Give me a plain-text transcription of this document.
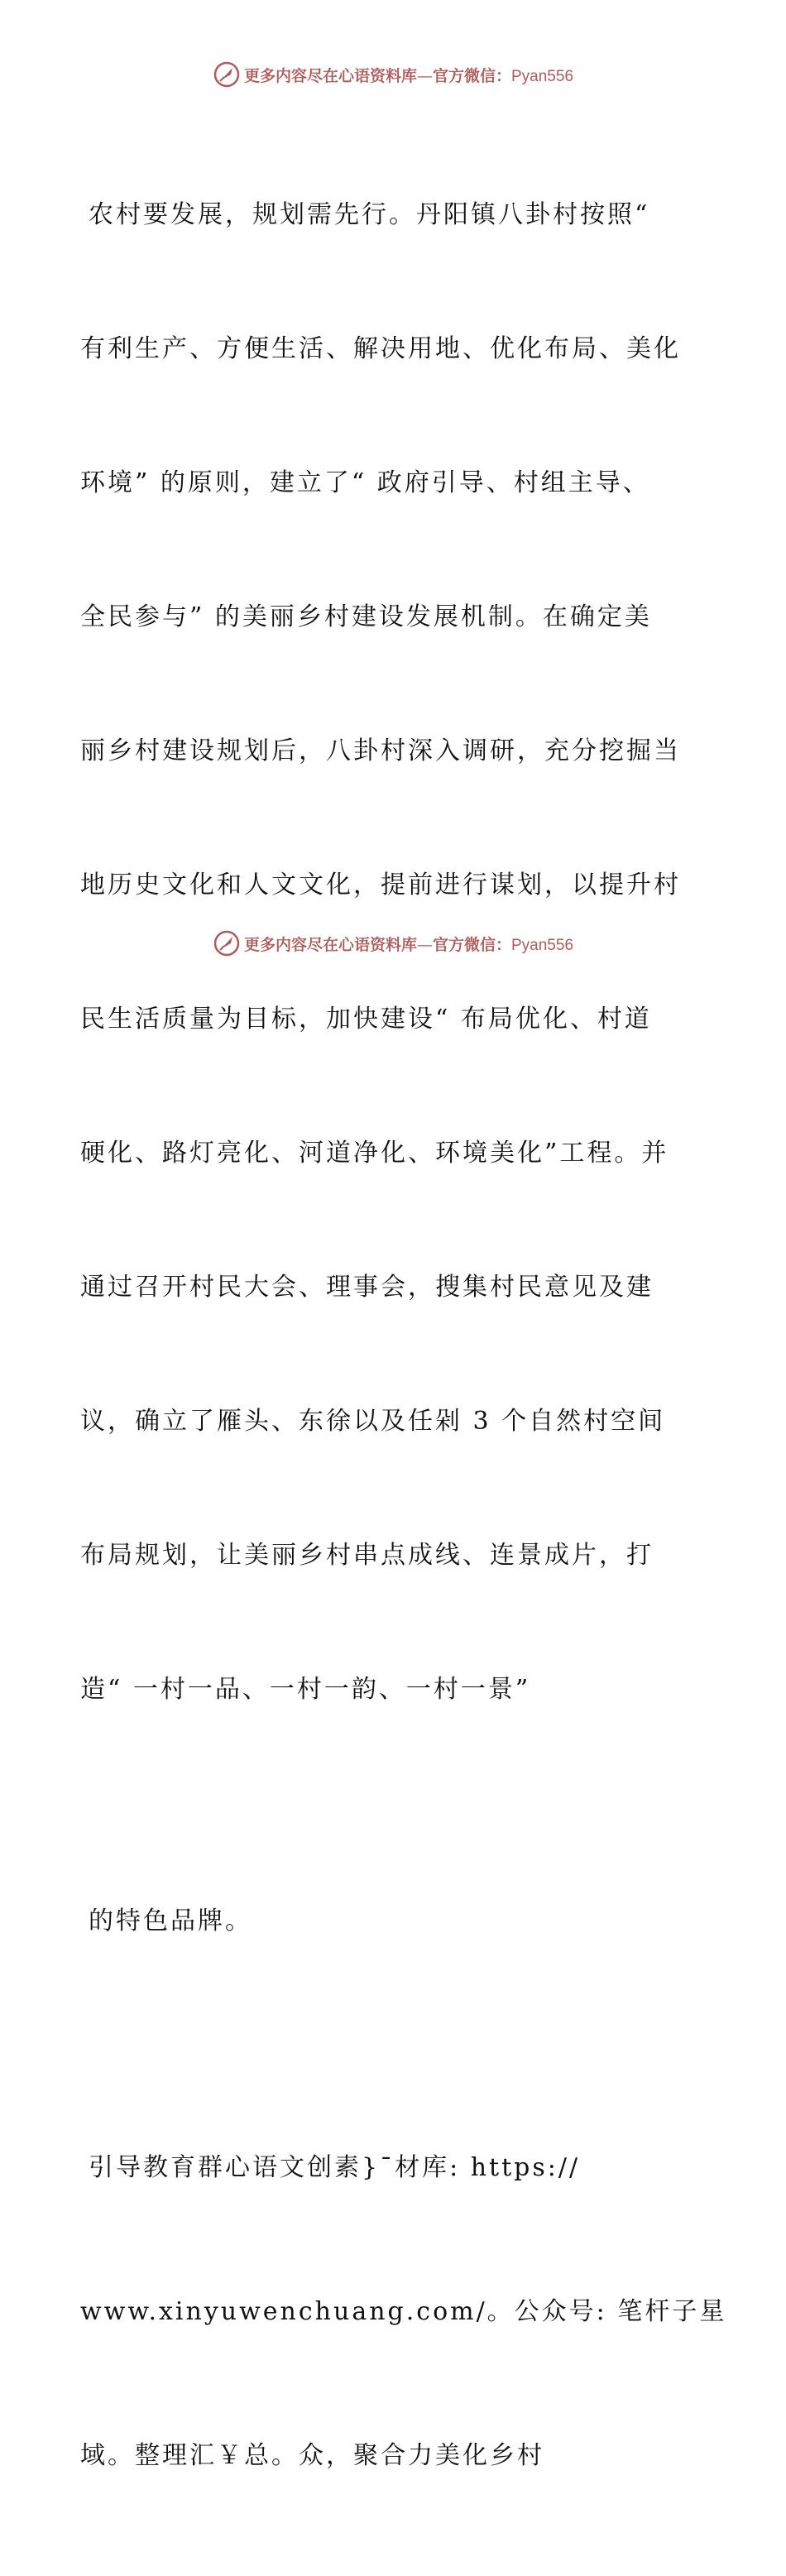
更多内容尽在心语资料库—官方微信：Pyan556

农村要发展，规划需先行。丹阳镇八卦村按照“

有利生产、方便生活、解决用地、优化布局、美化

环境” 的原则，建立了“ 政府引导、村组主导、

全民参与” 的美丽乡村建设发展机制。在确定美

丽乡村建设规划后，八卦村深入调研，充分挖掘当

地历史文化和人文文化，提前进行谋划，以提升村

民生活质量为目标，加快建设“ 布局优化、村道

硬化、路灯亮化、河道净化、环境美化”工程。并

通过召开村民大会、理事会，搜集村民意见及建

议，确立了雁头、东徐以及任剁 3 个自然村空间

布局规划，让美丽乡村串点成线、连景成片，打

造“ 一村一品、一村一韵、一村一景”

的特色品牌。

引导教育群心语文创素}¯材库: https://

www.xinyuwenchuang.com/。公众号: 笔杆子星

域。整理汇￥总。众，聚合力美化乡村

更多内容尽在心语资料库—官方微信：Pyan556
